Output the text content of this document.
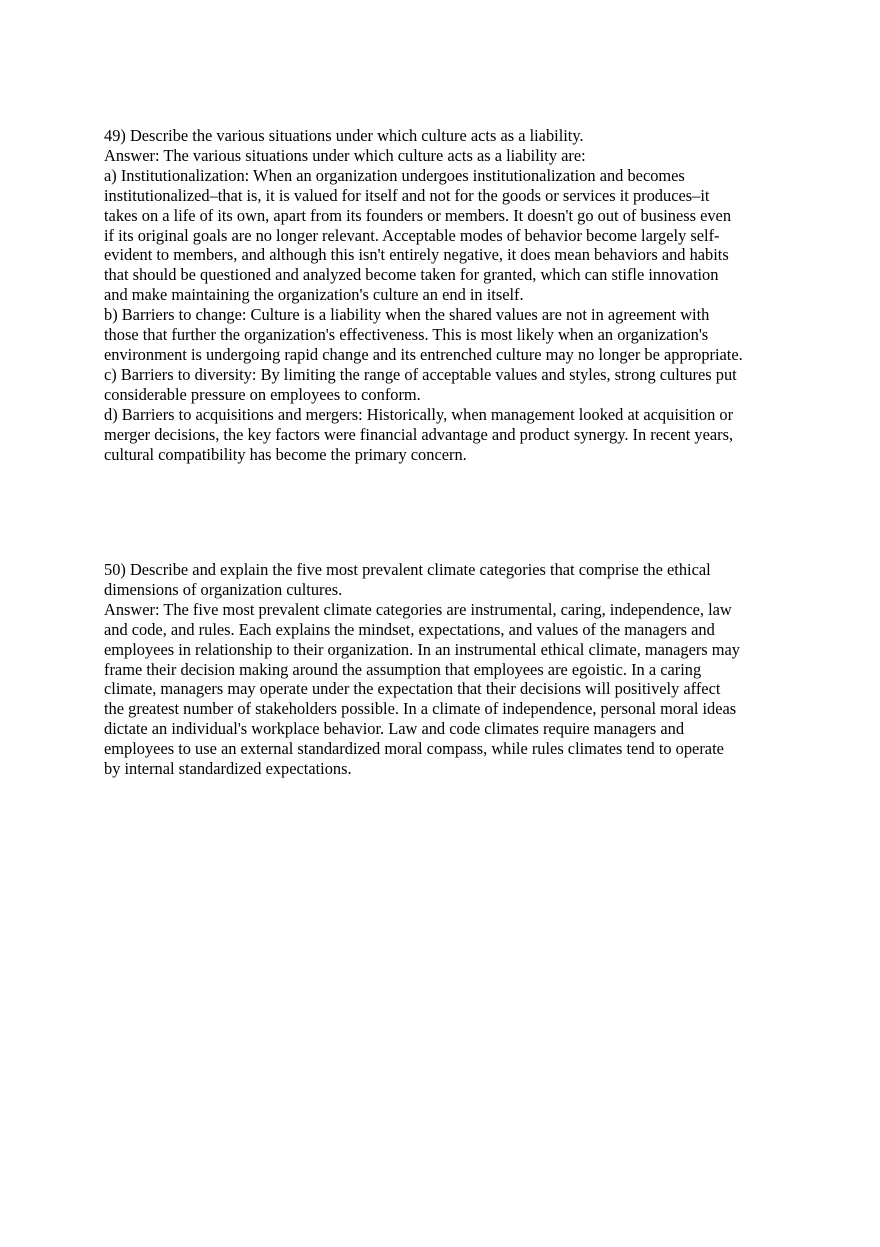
49) Describe the various situations under which culture acts as a liability.
Answer: The various situations under which culture acts as a liability are:
a) Institutionalization: When an organization undergoes institutionalization and becomes
institutionalized–that is, it is valued for itself and not for the goods or services it produces–it
takes on a life of its own, apart from its founders or members. It doesn't go out of business even
if its original goals are no longer relevant. Acceptable modes of behavior become largely self-
evident to members, and although this isn't entirely negative, it does mean behaviors and habits
that should be questioned and analyzed become taken for granted, which can stifle innovation
and make maintaining the organization's culture an end in itself.
b) Barriers to change: Culture is a liability when the shared values are not in agreement with
those that further the organization's effectiveness. This is most likely when an organization's
environment is undergoing rapid change and its entrenched culture may no longer be appropriate.
c) Barriers to diversity: By limiting the range of acceptable values and styles, strong cultures put
considerable pressure on employees to conform.
d) Barriers to acquisitions and mergers: Historically, when management looked at acquisition or
merger decisions, the key factors were financial advantage and product synergy. In recent years,
cultural compatibility has become the primary concern.
50) Describe and explain the five most prevalent climate categories that comprise the ethical
dimensions of organization cultures.
Answer: The five most prevalent climate categories are instrumental, caring, independence, law
and code, and rules. Each explains the mindset, expectations, and values of the managers and
employees in relationship to their organization. In an instrumental ethical climate, managers may
frame their decision making around the assumption that employees are egoistic. In a caring
climate, managers may operate under the expectation that their decisions will positively affect
the greatest number of stakeholders possible. In a climate of independence, personal moral ideas
dictate an individual's workplace behavior. Law and code climates require managers and
employees to use an external standardized moral compass, while rules climates tend to operate
by internal standardized expectations.
